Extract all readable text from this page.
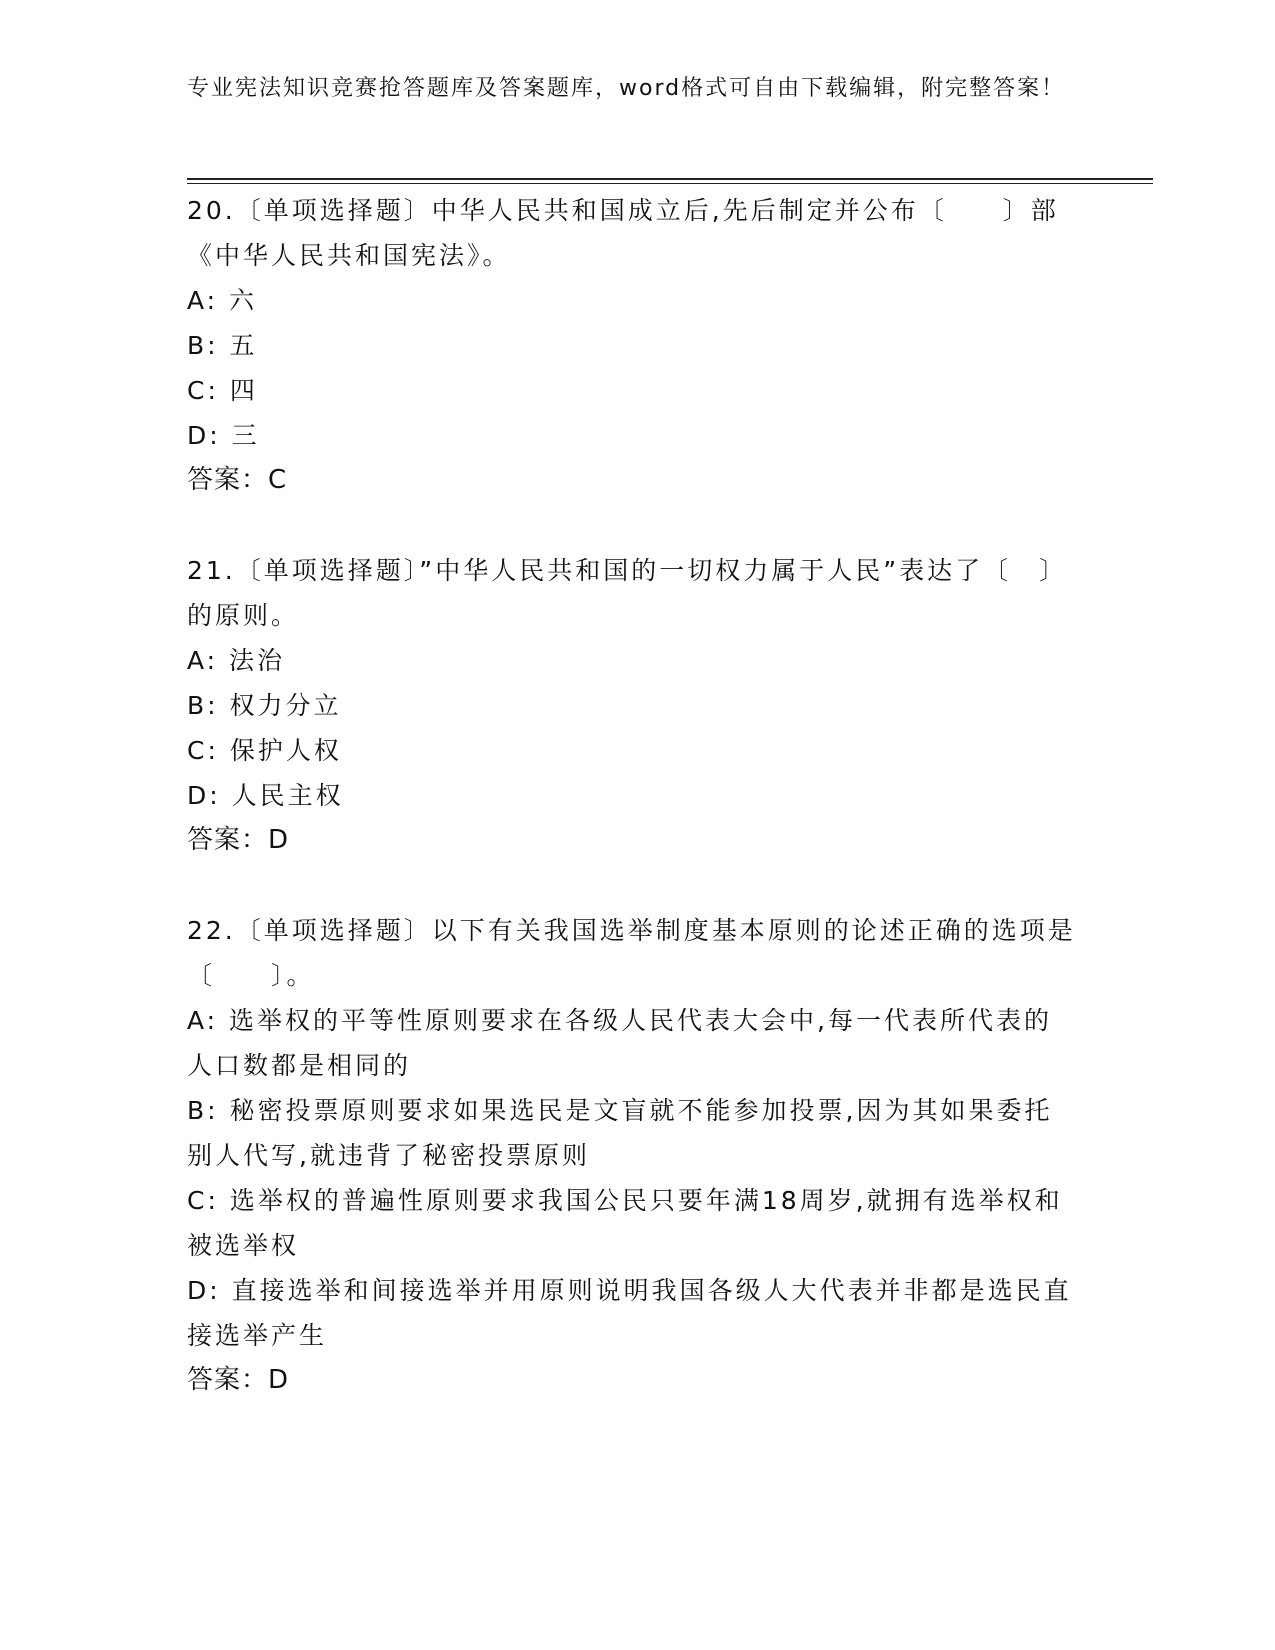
专业宪法知识竞赛抢答题库及答案题库，word格式可自由下载编辑，附完整答案！

20.〔单项选择题〕中华人民共和国成立后,先后制定并公布〔　　〕部《中华人民共和国宪法》。

A: 六

B: 五

C: 四

D: 三

答案：C

21.〔单项选择题〕”中华人民共和国的一切权力属于人民”表达了〔　〕的原则。

A: 法治

B: 权力分立

C: 保护人权

D: 人民主权

答案：D

22.〔单项选择题〕以下有关我国选举制度基本原则的论述正确的选项是〔　　〕。

A: 选举权的平等性原则要求在各级人民代表大会中,每一代表所代表的人口数都是相同的

B: 秘密投票原则要求如果选民是文盲就不能参加投票,因为其如果委托别人代写,就违背了秘密投票原则

C: 选举权的普遍性原则要求我国公民只要年满18周岁,就拥有选举权和被选举权

D: 直接选举和间接选举并用原则说明我国各级人大代表并非都是选民直接选举产生

答案：D
